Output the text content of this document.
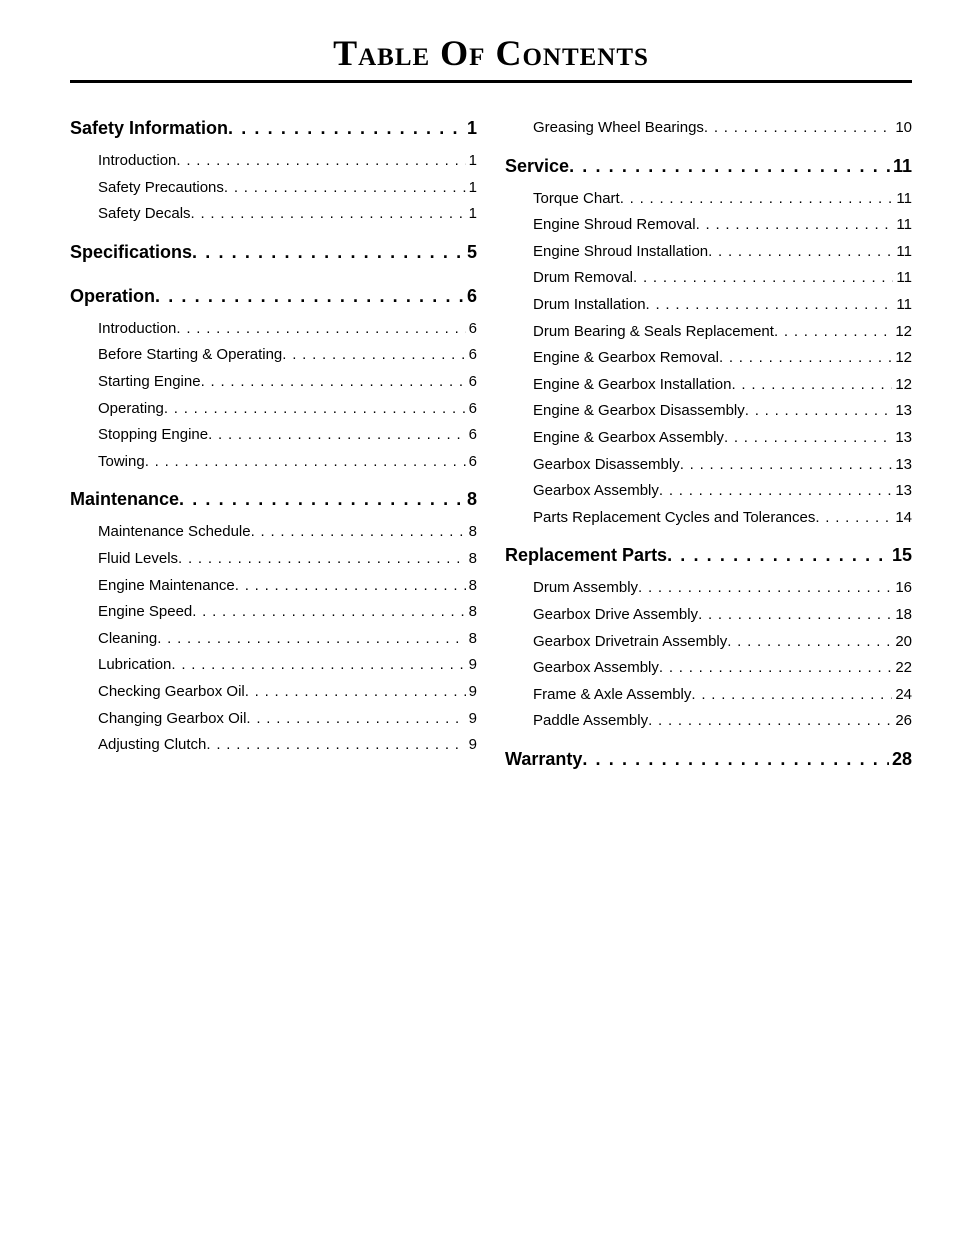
Table Of Contents
Safety Information . . .	1
Introduction . . .	1
Safety Precautions . . .	1
Safety Decals . . .	1
Specifications . . .	5
Operation . . .	6
Introduction . . .	6
Before Starting & Operating . . .	6
Starting Engine . . .	6
Operating . . .	6
Stopping Engine . . .	6
Towing . . .	6
Maintenance . . .	8
Maintenance Schedule . . .	8
Fluid Levels . . .	8
Engine Maintenance . . .	8
Engine Speed . . .	8
Cleaning . . .	8
Lubrication . . .	9
Checking Gearbox Oil . . .	9
Changing Gearbox Oil . . .	9
Adjusting Clutch . . .	9
Greasing Wheel Bearings . . .	10
Service . . .	11
Torque Chart . . .	11
Engine Shroud Removal . . .	11
Engine Shroud Installation . . .	11
Drum Removal . . .	11
Drum Installation . . .	11
Drum Bearing & Seals Replacement . . .	12
Engine & Gearbox Removal . . .	12
Engine & Gearbox Installation . . .	12
Engine & Gearbox Disassembly . . .	13
Engine & Gearbox Assembly . . .	13
Gearbox Disassembly . . .	13
Gearbox Assembly . . .	13
Parts Replacement Cycles and Tolerances . . .	14
Replacement Parts . . .	15
Drum Assembly . . .	16
Gearbox Drive Assembly . . .	18
Gearbox Drivetrain Assembly . . .	20
Gearbox Assembly . . .	22
Frame & Axle Assembly . . .	24
Paddle Assembly . . .	26
Warranty . . .	28
